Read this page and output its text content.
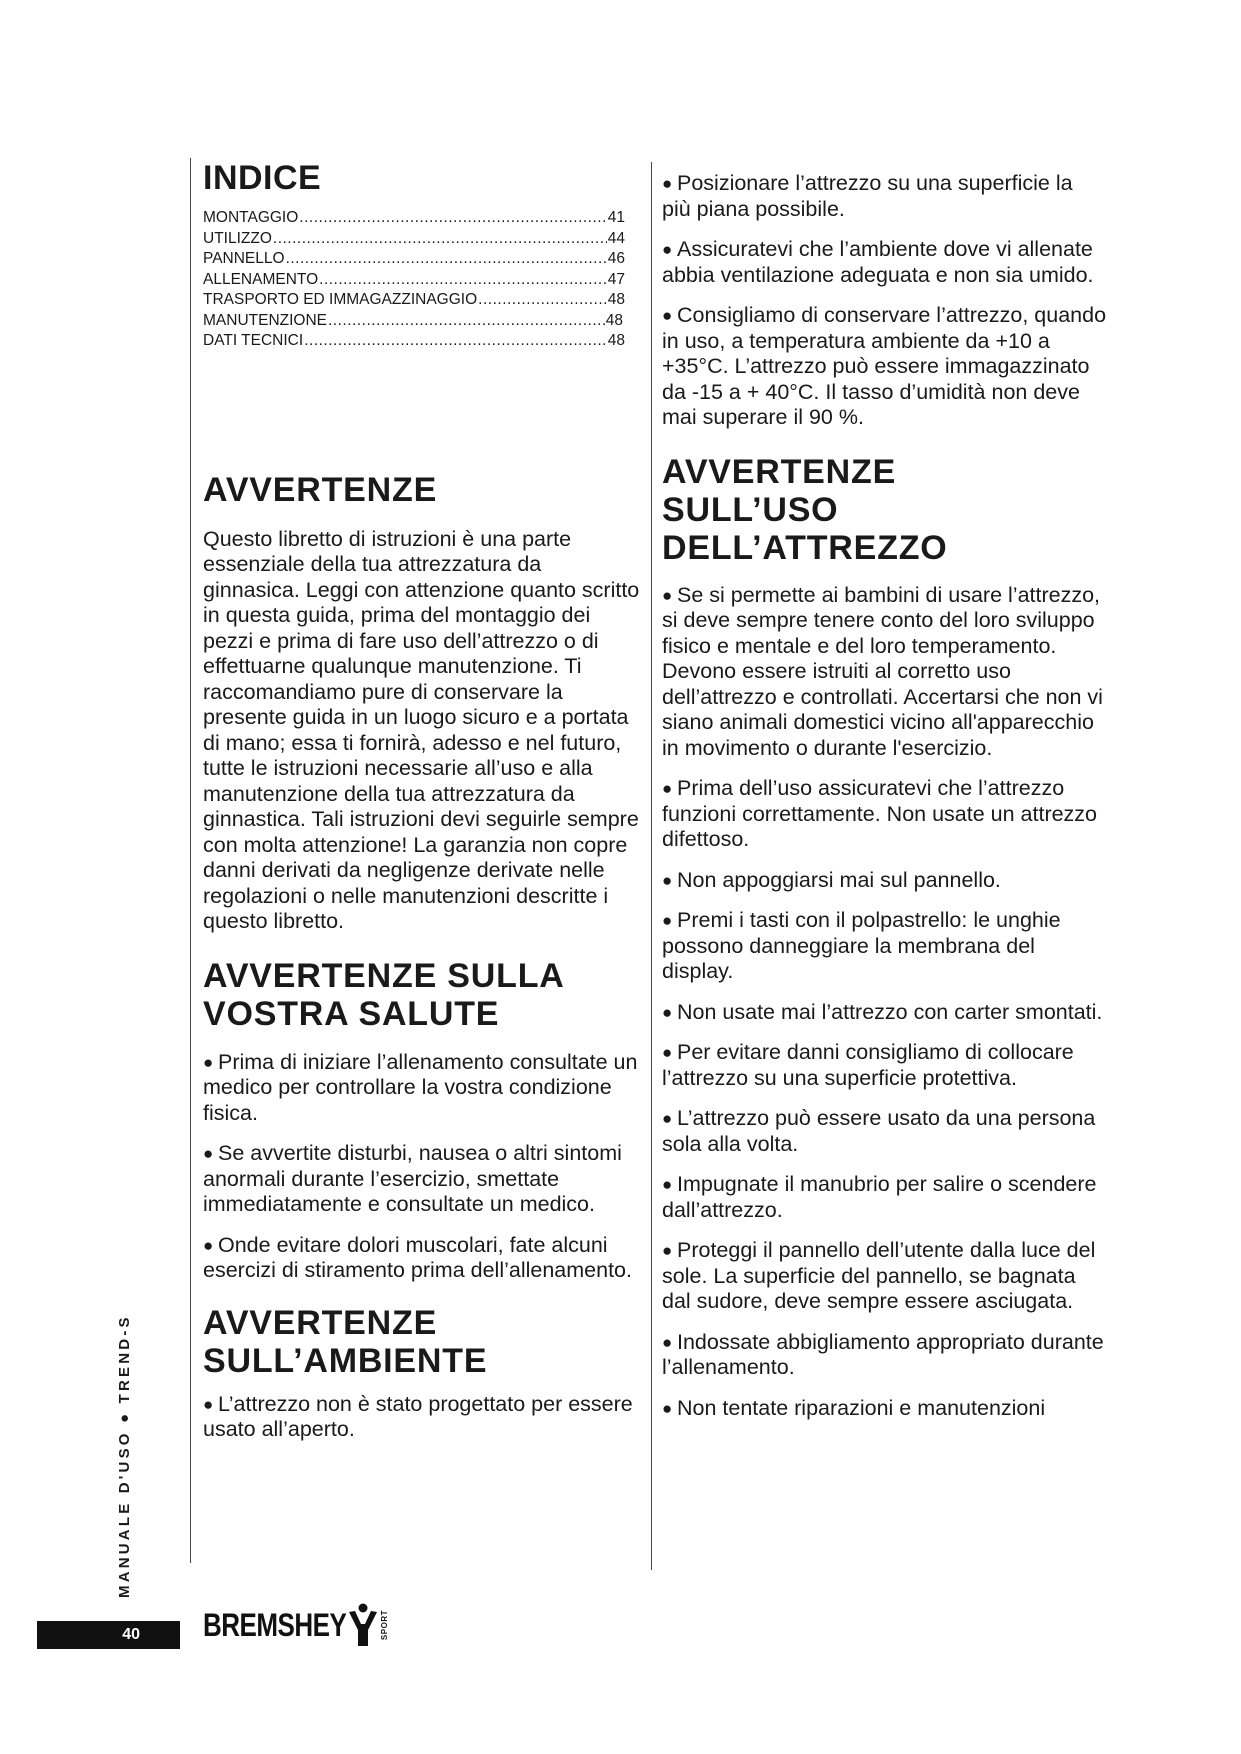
INDICE
MONTAGGIO .....	41
UTILIZZO .....	44
PANNELLO .....	46
ALLENAMENTO .....	47
TRASPORTO ED IMMAGAZZINAGGIO .....	48
MANUTENZIONE .....	48
DATI TECNICI .....	48
AVVERTENZE

Questo libretto di istruzioni è una parte essenziale della tua attrezzatura da ginnasica. Leggi con attenzione quanto scritto in questa guida, prima del montaggio dei pezzi e prima di fare uso dell’attrezzo o di effettuarne qualunque manutenzione. Ti raccomandiamo pure di conservare la presente guida in un luogo sicuro e a portata di mano; essa ti fornirà, adesso e nel futuro, tutte le istruzioni necessarie all’uso e alla manutenzione della tua attrezzatura da ginnastica. Tali istruzioni devi seguirle sempre con molta attenzione! La garanzia non copre danni derivati da negligenze derivate nelle regolazioni o nelle manutenzioni descritte i questo libretto.

AVVERTENZE SULLA
VOSTRA SALUTE

● Prima di iniziare l’allenamento consultate un medico per controllare la vostra condizione fisica.

● Se avvertite disturbi, nausea o altri sintomi anormali durante l’esercizio, smettate immediatamente e consultate un medico.

● Onde evitare dolori muscolari, fate alcuni esercizi di stiramento prima dell’allenamento.

AVVERTENZE
SULL’AMBIENTE

● L’attrezzo non è stato progettato per essere usato all’aperto.

● Posizionare l’attrezzo su una superficie la più piana possibile.

● Assicuratevi che l’ambiente dove vi allenate abbia ventilazione adeguata e non sia umido.

● Consigliamo di conservare l’attrezzo, quando in uso, a temperatura ambiente da +10 a +35°C. L’attrezzo può essere immagazzinato da -15 a + 40°C. Il tasso d’umidità non deve mai superare il 90 %.

AVVERTENZE
SULL’USO
DELL’ATTREZZO

● Se si permette ai bambini di usare l’attrezzo, si deve sempre tenere conto del loro sviluppo fisico e mentale e del loro temperamento. Devono essere istruiti al corretto uso dell’attrezzo e controllati. Accertarsi che non vi siano animali domestici vicino all'apparecchio in movimento o durante l'esercizio.

● Prima dell’uso assicuratevi che l’attrezzo funzioni correttamente. Non usate un attrezzo difettoso.

● Non appoggiarsi mai sul pannello.

● Premi i tasti con il polpastrello: le unghie possono danneggiare la membrana del display.

● Non usate mai l’attrezzo con carter smontati.

● Per evitare danni consigliamo di collocare l’attrezzo su una superficie protettiva.

● L’attrezzo può essere usato da una persona sola alla volta.

● Impugnate il manubrio per salire o scendere dall’attrezzo.

● Proteggi il pannello dell’utente dalla luce del sole. La superficie del pannello, se bagnata dal sudore, deve sempre essere asciugata.

● Indossate abbigliamento appropriato durante l’allenamento.

● Non tentate riparazioni e manutenzioni

MANUALE D'USO ● TREND-S
40 BREMSHEY	SPORT
